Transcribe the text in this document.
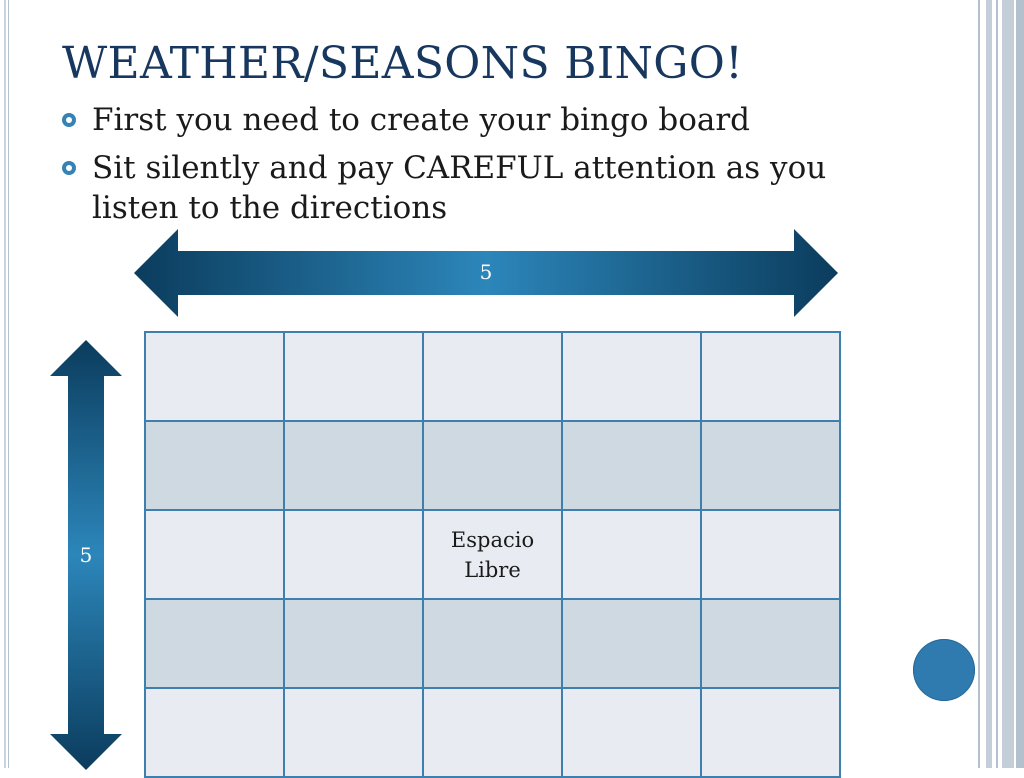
WEATHER/SEASONS BINGO!
First you need to create your bingo board
Sit silently and pay CAREFUL attention as you listen to the directions
5
5

		Espacio
Libre		
